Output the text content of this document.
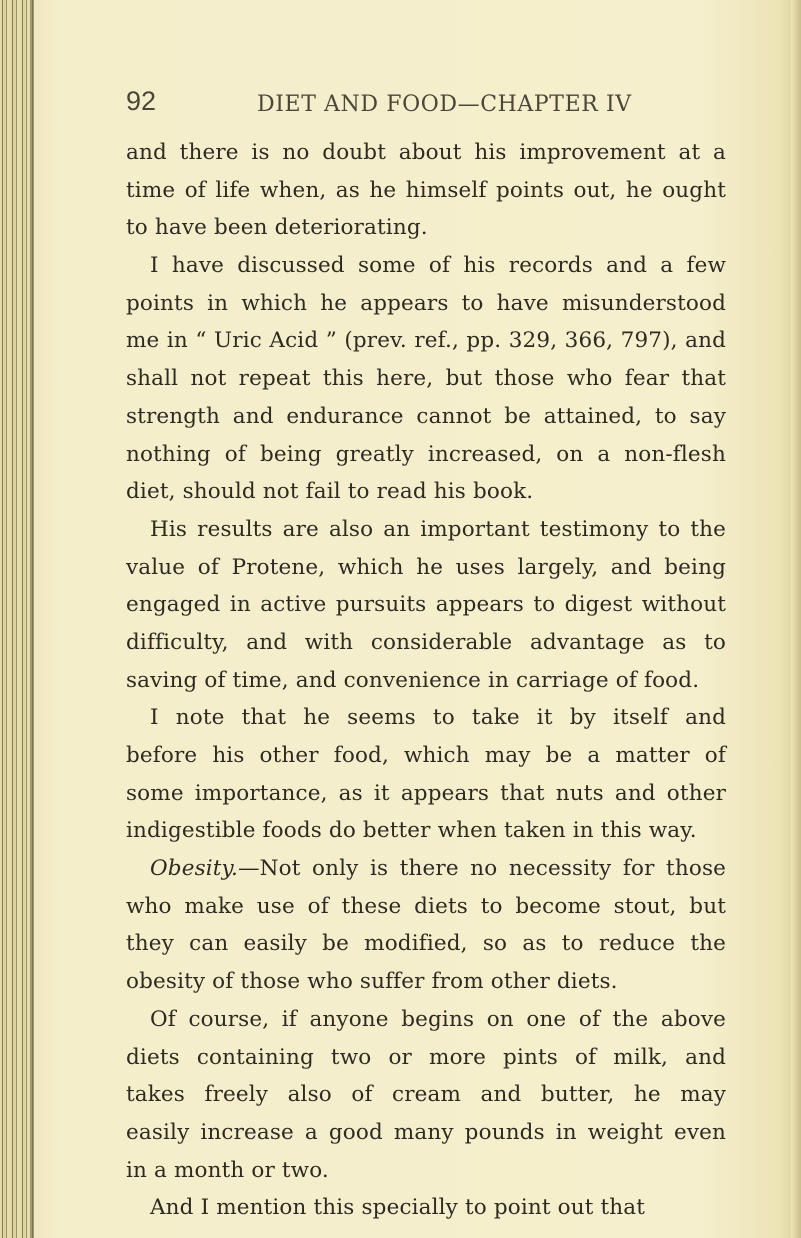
92	DIET AND FOOD—CHAPTER IV
and there is no doubt about his improvement at a
time of life when, as he himself points out, he ought
to have been deteriorating.
I have discussed some of his records and a few
points in which he appears to have misunderstood
me in “ Uric Acid ” (prev. ref., pp. 329, 366, 797), and
shall not repeat this here, but those who fear that
strength and endurance cannot be attained, to say
nothing of being greatly increased, on a non-flesh
diet, should not fail to read his book.
His results are also an important testimony to the
value of Protene, which he uses largely, and being
engaged in active pursuits appears to digest without
difficulty, and with considerable advantage as to
saving of time, and convenience in carriage of food.
I note that he seems to take it by itself and
before his other food, which may be a matter of
some importance, as it appears that nuts and other
indigestible foods do better when taken in this way.
Obesity.—Not only is there no necessity for those
who make use of these diets to become stout, but
they can easily be modified, so as to reduce the
obesity of those who suffer from other diets.
Of course, if anyone begins on one of the above
diets containing two or more pints of milk, and
takes freely also of cream and butter, he may
easily increase a good many pounds in weight even
in a month or two.
And I mention this specially to point out that
